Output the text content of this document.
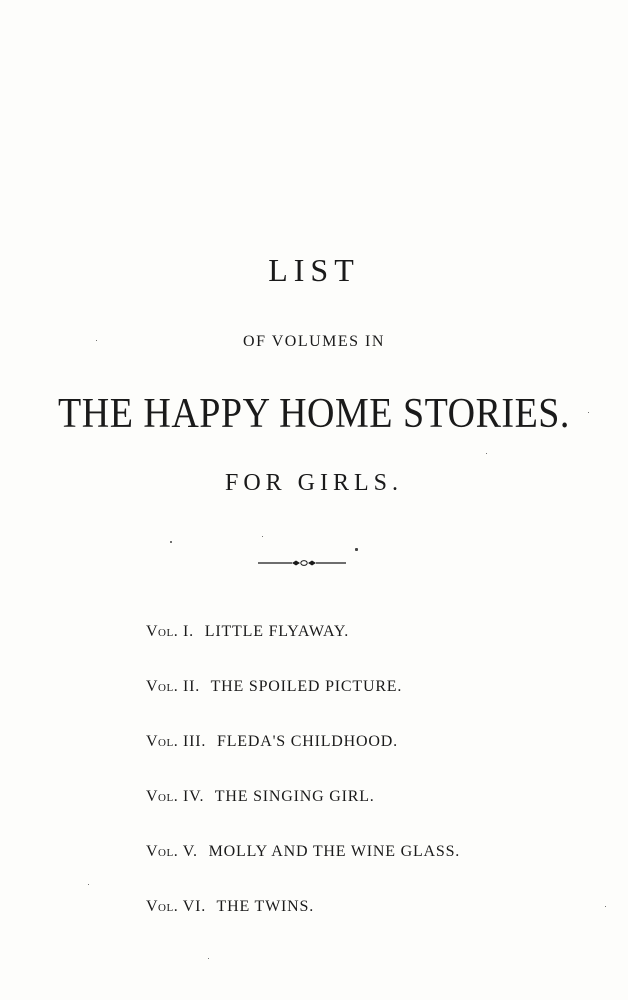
LIST
OF VOLUMES IN
THE HAPPY HOME STORIES.
FOR GIRLS.
Vol. I. LITTLE FLYAWAY.
Vol. II. THE SPOILED PICTURE.
Vol. III. FLEDA'S CHILDHOOD.
Vol. IV. THE SINGING GIRL.
Vol. V. MOLLY AND THE WINE GLASS.
Vol. VI. THE TWINS.
